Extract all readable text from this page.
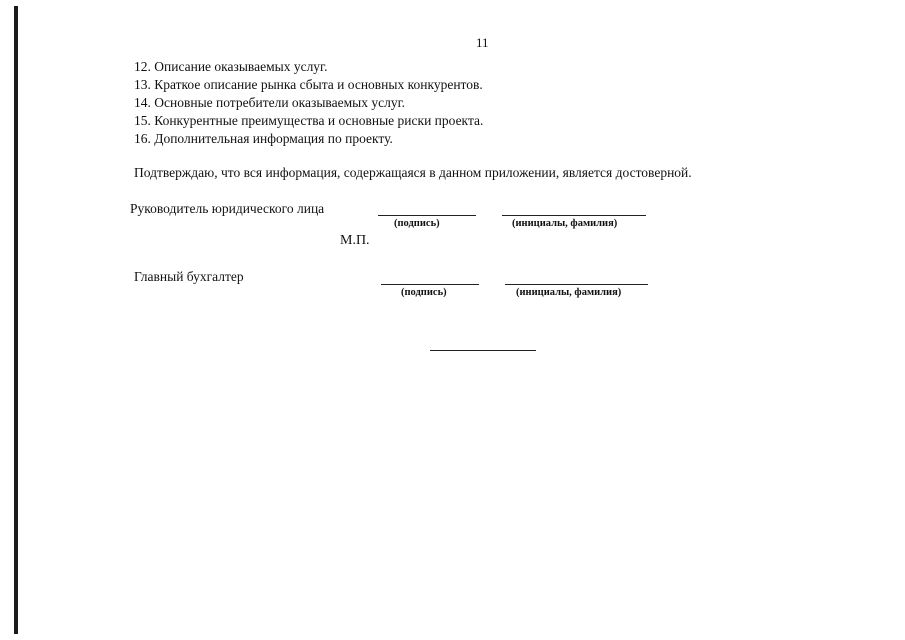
11
12. Описание оказываемых услуг.
13. Краткое описание рынка сбыта и основных конкурентов.
14. Основные потребители оказываемых услуг.
15. Конкурентные преимущества и основные риски проекта.
16. Дополнительная информация по проекту.
Подтверждаю, что вся информация, содержащаяся в данном приложении, является достоверной.
Руководитель юридического лица
(подпись)	(инициалы, фамилия)
М.П.
Главный бухгалтер
(подпись)	(инициалы, фамилия)
